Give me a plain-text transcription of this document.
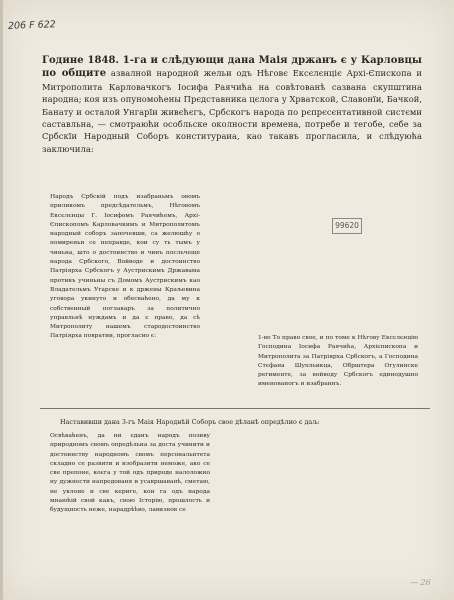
206 F 622
99620
Године 1848. 1-га и слѣдующи дана Маія држанъ є у Карловцы по общите азвалной народной жельи одъ Нѣговє Ексєлєнціє Архі-Єпископа и Митрополита Карловачкогъ Іосифа Раячића на совѣтованѣ сазвана скупштина народна; коя изъ опуномоћены Прєдставника цєлога у Хрватской, Славонїи, Бачкой, Банату и осталой Унгарїи живєћєгъ, Србскогъ народа по рєпрєсєнтативной систєми саставльна, — смотраюћи особльске околности времена, потребе и тегобе, себе за Србскїи Народный Соборъ конститураиа, као такавъ прогласила, и слѣдуюћа заключила:

Народъ Србскій подъ изабраньмъ овомъ приликомъ предсѣдательмъ, Нѣговомъ Ексєлєнцы Г. Іосифомъ Раячићемъ, Архі-Єпископомъ Карловачкимъ и Митрополитомъ народный соборъ започевши, са желюшћу о помиреньи се неправде, кои су ть тымъ у чиньна, што о достоинство и чинъ посльчеще народа Србского, Войводе и достоинство Патріярха Србскогъ у Аустрискимъ Државама противъ учиньны съ Домомъ Аустрискимъ као Владательмъ Угарске и к држены Краљевина уговора укинуто и обесваћено, да му к собственный поглаваръ за политично управльнѣ нуждамъ и да є право, да сѣ Митрополиту нашемъ стародостоинство Патріярха повратии, прогласио є:	1-во То право свое, и по томе к Нѣгову Ексєлєнцію Господина Іосифа Раячића, Архієпископа и Митрополита за Патріярха Србскогъ, а Господина Стєфана Шупльикца, Обрштера Огулинске регименте, за войводу Србскогъ единодушно именованогъ и изабраннъ.

Наставивши дана 3-гъ Маія Народнѣй Соборъ свое дѣланѣ опредѣлио є даљ:

Освѣваћенъ, да ни єданъ народъ позиву природномъ свомъ опредѣльна за доста учинити и достоинству народномъ свомъ персональнтета складно се развити и изобразити неможе, ако се све препоне, коєга у той одъ природе налоложно ну дужности напредованя и усавршаванѣ, сметаю, не уклоне и све кериге, кои га одъ народа мнаюћій свой какъ, свою Історію, прошлость и будущность неже, нарадрѣѣво, лавизнов се

— 26
